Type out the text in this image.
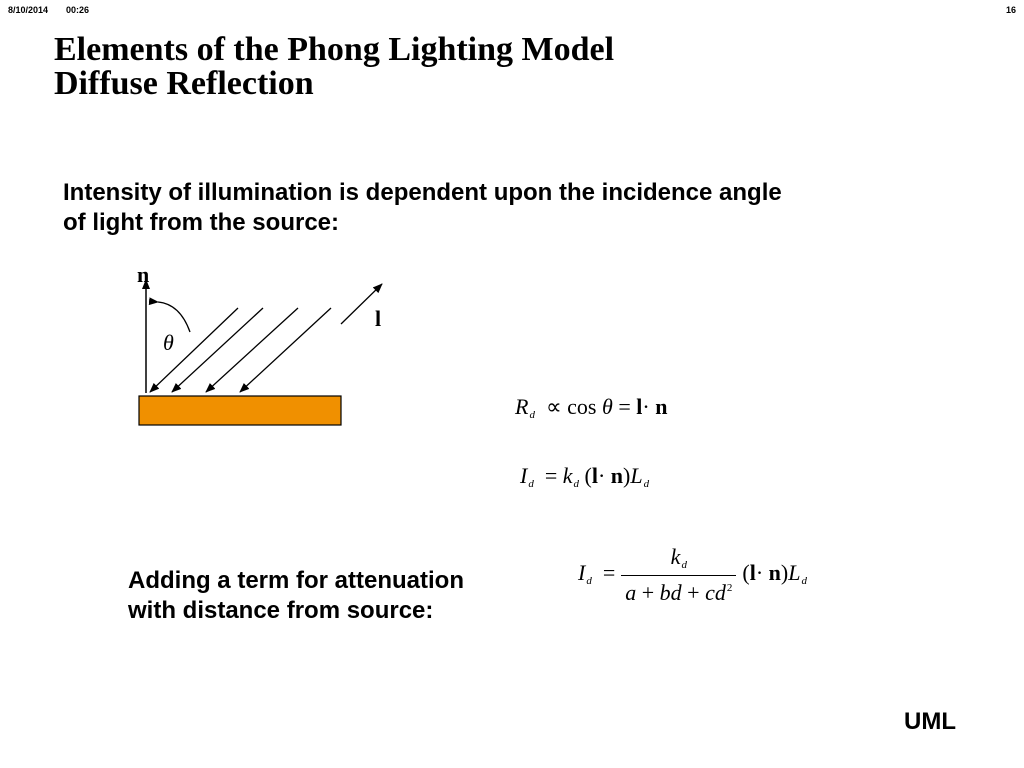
8/10/2014 00:26	16
Elements of the Phong Lighting Model
Diffuse Reflection
Intensity of illumination is dependent upon the incidence angle
of light from the source:
n
l
θ
$R_d \propto \cos \theta = l\cdot n$
$I_d = k_d$ $(l\cdot n)L_d$
Adding a term for attenuation
with distance from source:
$I_d = \frac{k_d}{a + bd + cd^2} (l\cdot n)L_d$
UML
